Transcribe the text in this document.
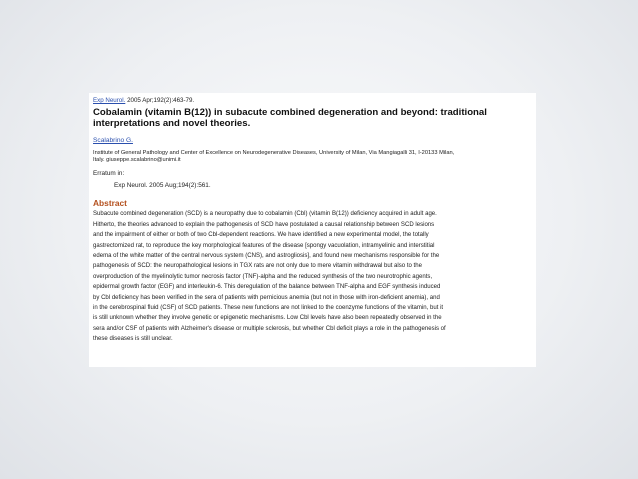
Exp Neurol. 2005 Apr;192(2):463-79.
Cobalamin (vitamin B(12)) in subacute combined degeneration and beyond: traditional
interpretations and novel theories.
Scalabrino G.
Institute of General Pathology and Center of Excellence on Neurodegenerative Diseases, University of Milan, Via Mangiagalli 31, I-20133 Milan,
Italy. giuseppe.scalabrino@unimi.it
Erratum in:
Exp Neurol. 2005 Aug;194(2):561.
Abstract
Subacute combined degeneration (SCD) is a neuropathy due to cobalamin (Cbl) (vitamin B(12)) deficiency acquired in adult age.
Hitherto, the theories advanced to explain the pathogenesis of SCD have postulated a causal relationship between SCD lesions
and the impairment of either or both of two Cbl-dependent reactions. We have identified a new experimental model, the totally
gastrectomized rat, to reproduce the key morphological features of the disease [spongy vacuolation, intramyelinic and interstitial
edema of the white matter of the central nervous system (CNS), and astrogliosis], and found new mechanisms responsible for the
pathogenesis of SCD: the neuropathological lesions in TGX rats are not only due to mere vitamin withdrawal but also to the
overproduction of the myelinolytic tumor necrosis factor (TNF)-alpha and the reduced synthesis of the two neurotrophic agents,
epidermal growth factor (EGF) and interleukin-6. This deregulation of the balance between TNF-alpha and EGF synthesis induced
by Cbl deficiency has been verified in the sera of patients with pernicious anemia (but not in those with iron-deficient anemia), and
in the cerebrospinal fluid (CSF) of SCD patients. These new functions are not linked to the coenzyme functions of the vitamin, but it
is still unknown whether they involve genetic or epigenetic mechanisms. Low Cbl levels have also been repeatedly observed in the
sera and/or CSF of patients with Alzheimer's disease or multiple sclerosis, but whether Cbl deficit plays a role in the pathogenesis of
these diseases is still unclear.
